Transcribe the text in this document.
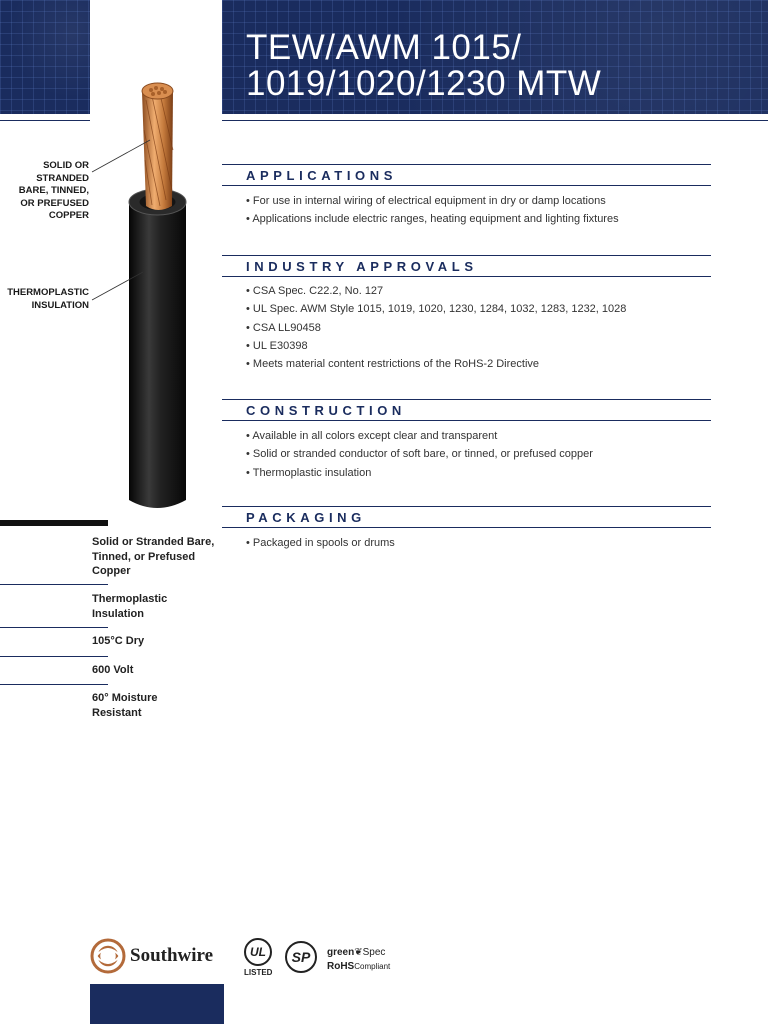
TEW/AWM 1015/
1019/1020/1230 MTW
SOLID OR
STRANDED
BARE, TINNED,
OR PREFUSED
COPPER
THERMOPLASTIC
INSULATION
APPLICATIONS
• For use in internal wiring of electrical equipment in dry or damp locations
• Applications include electric ranges, heating equipment and lighting fixtures
INDUSTRY APPROVALS
• CSA Spec. C22.2, No. 127
• UL Spec. AWM Style 1015, 1019, 1020, 1230, 1284, 1032, 1283, 1232, 1028
• CSA LL90458
• UL E30398
• Meets material content restrictions of the RoHS-2 Directive
CONSTRUCTION
• Available in all colors except clear and transparent
• Solid or stranded conductor of soft bare, or tinned, or prefused copper
• Thermoplastic insulation
PACKAGING
• Packaged in spools or drums
Solid or Stranded Bare,
Tinned, or Prefused
Copper
Thermoplastic
Insulation
105°C Dry
600 Volt
60° Moisture
Resistant
Southwire	UL
LISTED
SP	green❦Spec
RoHSCompliant
